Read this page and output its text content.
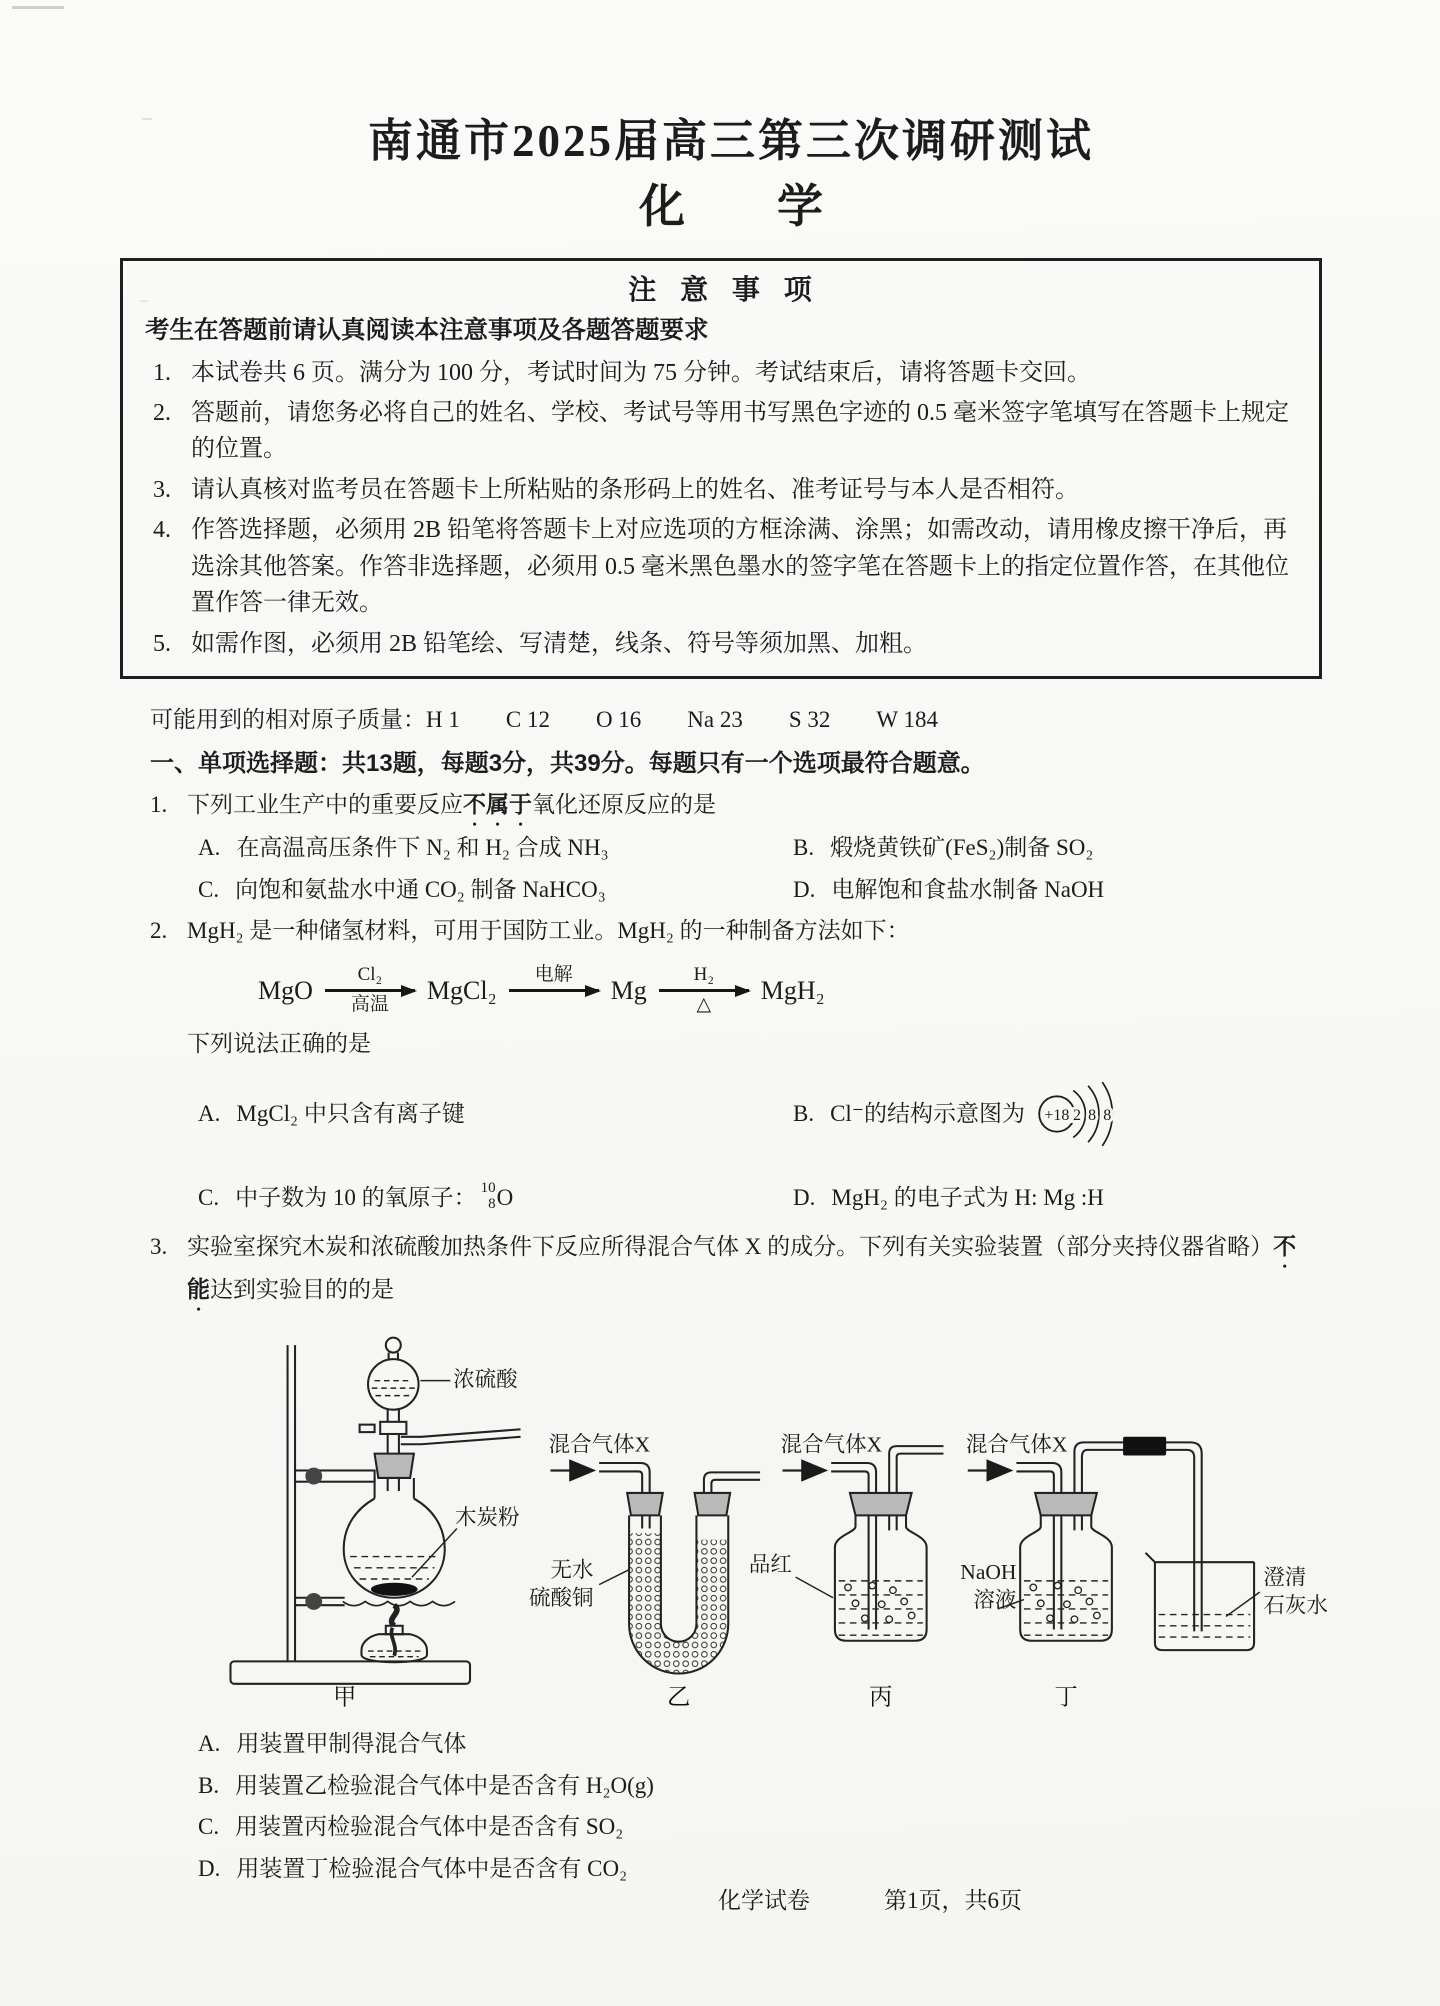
南通市2025届高三第三次调研测试
化　　学
注意事项
考生在答题前请认真阅读本注意事项及各题答题要求
本试卷共 6 页。满分为 100 分，考试时间为 75 分钟。考试结束后，请将答题卡交回。
答题前，请您务必将自己的姓名、学校、考试号等用书写黑色字迹的 0.5 毫米签字笔填写在答题卡上规定的位置。
请认真核对监考员在答题卡上所粘贴的条形码上的姓名、准考证号与本人是否相符。
作答选择题，必须用 2B 铅笔将答题卡上对应选项的方框涂满、涂黑；如需改动，请用橡皮擦干净后，再选涂其他答案。作答非选择题，必须用 0.5 毫米黑色墨水的签字笔在答题卡上的指定位置作答，在其他位置作答一律无效。
如需作图，必须用 2B 铅笔绘、写清楚，线条、符号等须加黑、加粗。
可能用到的相对原子质量：H 1　　C 12　　O 16　　Na 23　　S 32　　W 184
一、单项选择题：共13题，每题3分，共39分。每题只有一个选项最符合题意。
1. 下列工业生产中的重要反应不属于氧化还原反应的是
A. 在高温高压条件下 N₂ 和 H₂ 合成 NH₃	B. 煅烧黄铁矿(FeS₂)制备 SO₂
C. 向饱和氨盐水中通 CO₂ 制备 NaHCO₃	D. 电解饱和食盐水制备 NaOH
2. MgH₂ 是一种储氢材料，可用于国防工业。MgH₂ 的一种制备方法如下：
MgO
Cl₂
高温 MgCl₂
电解
Mg
H₂
△ MgH₂
下列说法正确的是
A. MgCl₂ 中只含有离子键	B. Cl⁻的结构示意图为 +18 2 8 8
C. 中子数为 10 的氧原子： 10
8 O	D. MgH₂ 的电子式为 H: Mg :H
3. 实验室探究木炭和浓硫酸加热条件下反应所得混合气体 X 的成分。下列有关实验装置（部分夹持仪器省略）不能达到实验目的的是
浓硫酸
木炭粉
甲
无水
硫酸铜
混合气体X
乙
品红
混合气体X
丙
NaOH
溶液
混合气体X
澄清
石灰水
丁
A. 用装置甲制得混合气体
B. 用装置乙检验混合气体中是否含有 H₂O(g)
C. 用装置丙检验混合气体中是否含有 SO₂
D. 用装置丁检验混合气体中是否含有 CO₂
化学试卷	第1页，共6页
